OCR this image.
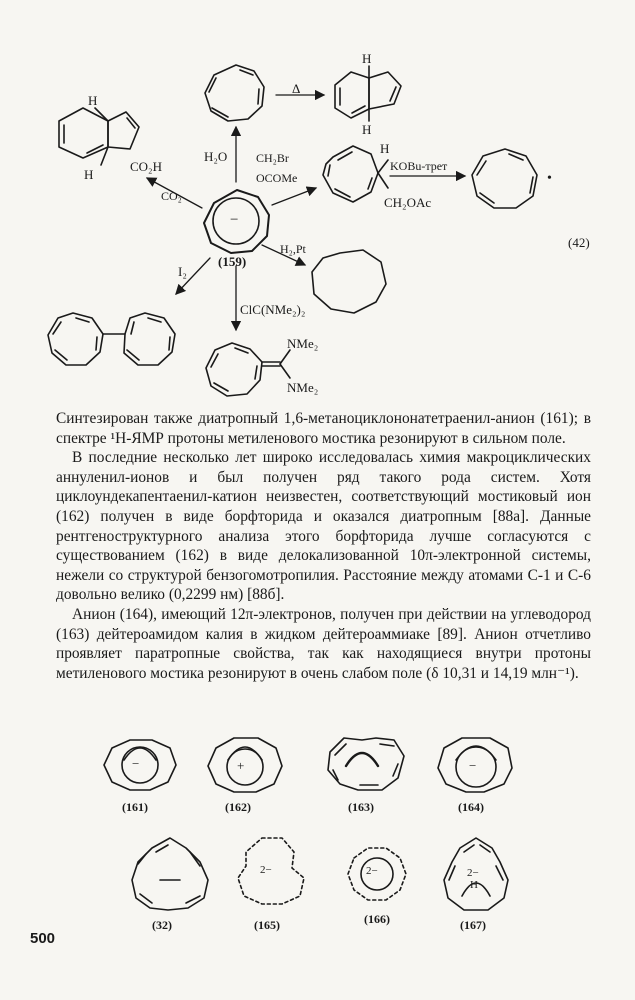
H
H
Δ
H
H
CO₂H
CO₂
H₂O CH₂Br
OCOMe
H
KOBu-трет
CH₂OAc
•
−
(159)
(42)
H₂,Pt
I₂
ClC(NMe₂)₂
NMe₂
NMe₂

Синтезирован также диатропный 1,6-метаноциклононатетраенил-анион (161); в спектре ¹Н-ЯМР протоны метиленового мостика резонируют в сильном поле.

В последние несколько лет широко исследовалась химия макроциклических аннуленил-ионов и был получен ряд такого рода систем. Хотя циклоундекапентаенил-катион неизвестен, соответствующий мостиковый ион (162) получен в виде борфторида и оказался диатропным [88а]. Данные рентгеноструктурного анализа этого борфторида лучше согласуются с существованием (162) в виде делокализованной 10π-электронной системы, нежели со структурой бензогомотропилия. Расстояние между атомами С-1 и С-6 довольно велико (0,2299 нм) [88б].

Анион (164), имеющий 12π-электронов, получен при действии на углеводород (163) дейтероамидом калия в жидком дейтероаммиаке [89]. Анион отчетливо проявляет паратропные свойства, так как находящиеся внутри протоны метиленового мостика резонируют в очень слабом поле (δ 10,31 и 14,19 млн⁻¹).

−	+	−
2−	2−	2−
H
(161)	(162)	(163)	(164)
(32)	(165)	(166)	(167)
500
